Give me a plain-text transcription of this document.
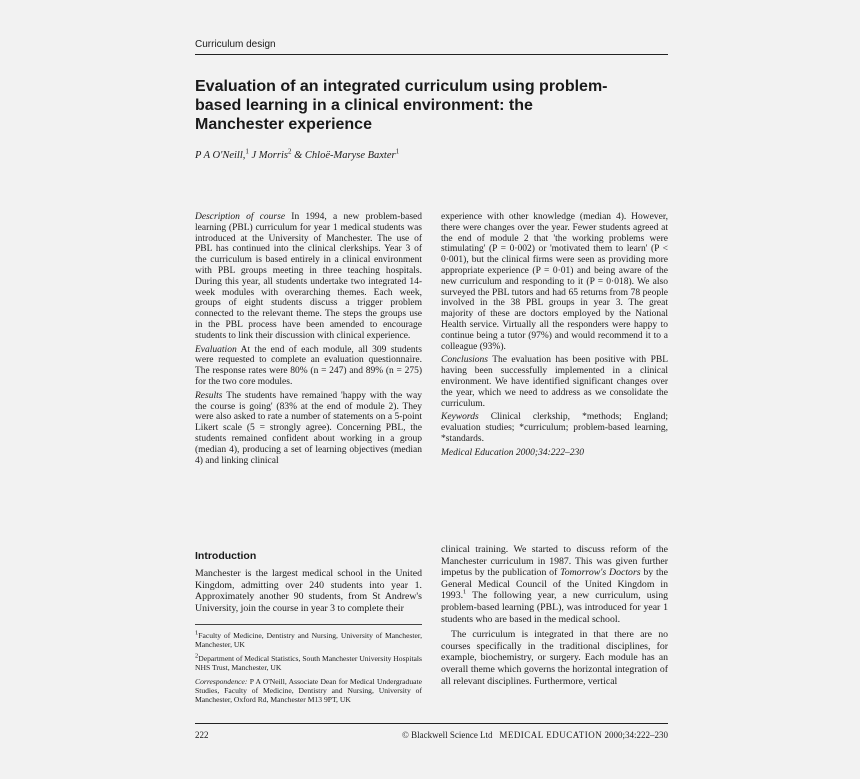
Curriculum design
Evaluation of an integrated curriculum using problem-based learning in a clinical environment: the Manchester experience
P A O'Neill,$^1$ J Morris$^2$ & Chloë-Maryse Baxter$^1$

Description of course In 1994, a new problem-based learning (PBL) curriculum for year 1 medical students was introduced at the University of Manchester. The use of PBL has continued into the clinical clerkships. Year 3 of the curriculum is based entirely in a clinical environment with PBL groups meeting in three teaching hospitals. During this year, all students undertake two integrated 14-week modules with overarching themes. Each week, groups of eight students discuss a trigger problem connected to the relevant theme. The steps the groups use in the PBL process have been amended to encourage students to link their discussion with clinical experience.

Evaluation At the end of each module, all 309 students were requested to complete an evaluation questionnaire. The response rates were 80% (n = 247) and 89% (n = 275) for the two core modules.

Results The students have remained 'happy with the way the course is going' (83% at the end of module 2). They were also asked to rate a number of statements on a 5-point Likert scale (5 = strongly agree). Concerning PBL, the students remained confident about working in a group (median 4), producing a set of learning objectives (median 4) and linking clinical

experience with other knowledge (median 4). However, there were changes over the year. Fewer students agreed at the end of module 2 that 'the working problems were stimulating' (P = 0·002) or 'motivated them to learn' (P < 0·001), but the clinical firms were seen as providing more appropriate experience (P = 0·01) and being aware of the new curriculum and responding to it (P = 0·018). We also surveyed the PBL tutors and had 65 returns from 78 people involved in the 38 PBL groups in year 3. The great majority of these are doctors employed by the National Health service. Virtually all the responders were happy to continue being a tutor (97%) and would recommend it to a colleague (93%).

Conclusions The evaluation has been positive with PBL having been successfully implemented in a clinical environment. We have identified significant changes over the year, which we need to address as we consolidate the curriculum.

Keywords Clinical clerkship, *methods; England; evaluation studies; *curriculum; problem-based learning, *standards.

Medical Education 2000;34:222–230

Introduction

Manchester is the largest medical school in the United Kingdom, admitting over 240 students into year 1. Approximately another 90 students, from St Andrew's University, join the course in year 3 to complete their

$^1$Faculty of Medicine, Dentistry and Nursing, University of Manchester, Manchester, UK

$^2$Department of Medical Statistics, South Manchester University Hospitals NHS Trust, Manchester, UK

Correspondence: P A O'Neill, Associate Dean for Medical Undergraduate Studies, Faculty of Medicine, Dentistry and Nursing, University of Manchester, Oxford Rd, Manchester M13 9PT, UK

clinical training. We started to discuss reform of the Manchester curriculum in 1987. This was given further impetus by the publication of Tomorrow's Doctors by the General Medical Council of the United Kingdom in 1993.$^1$ The following year, a new curriculum, using problem-based learning (PBL), was introduced for year 1 students who are based in the medical school.

The curriculum is integrated in that there are no courses specifically in the traditional disciplines, for example, biochemistry, or surgery. Each module has an overall theme which governs the horizontal integration of all relevant disciplines. Furthermore, vertical

222	© Blackwell Science Ltd MEDICAL EDUCATION 2000;34:222–230
